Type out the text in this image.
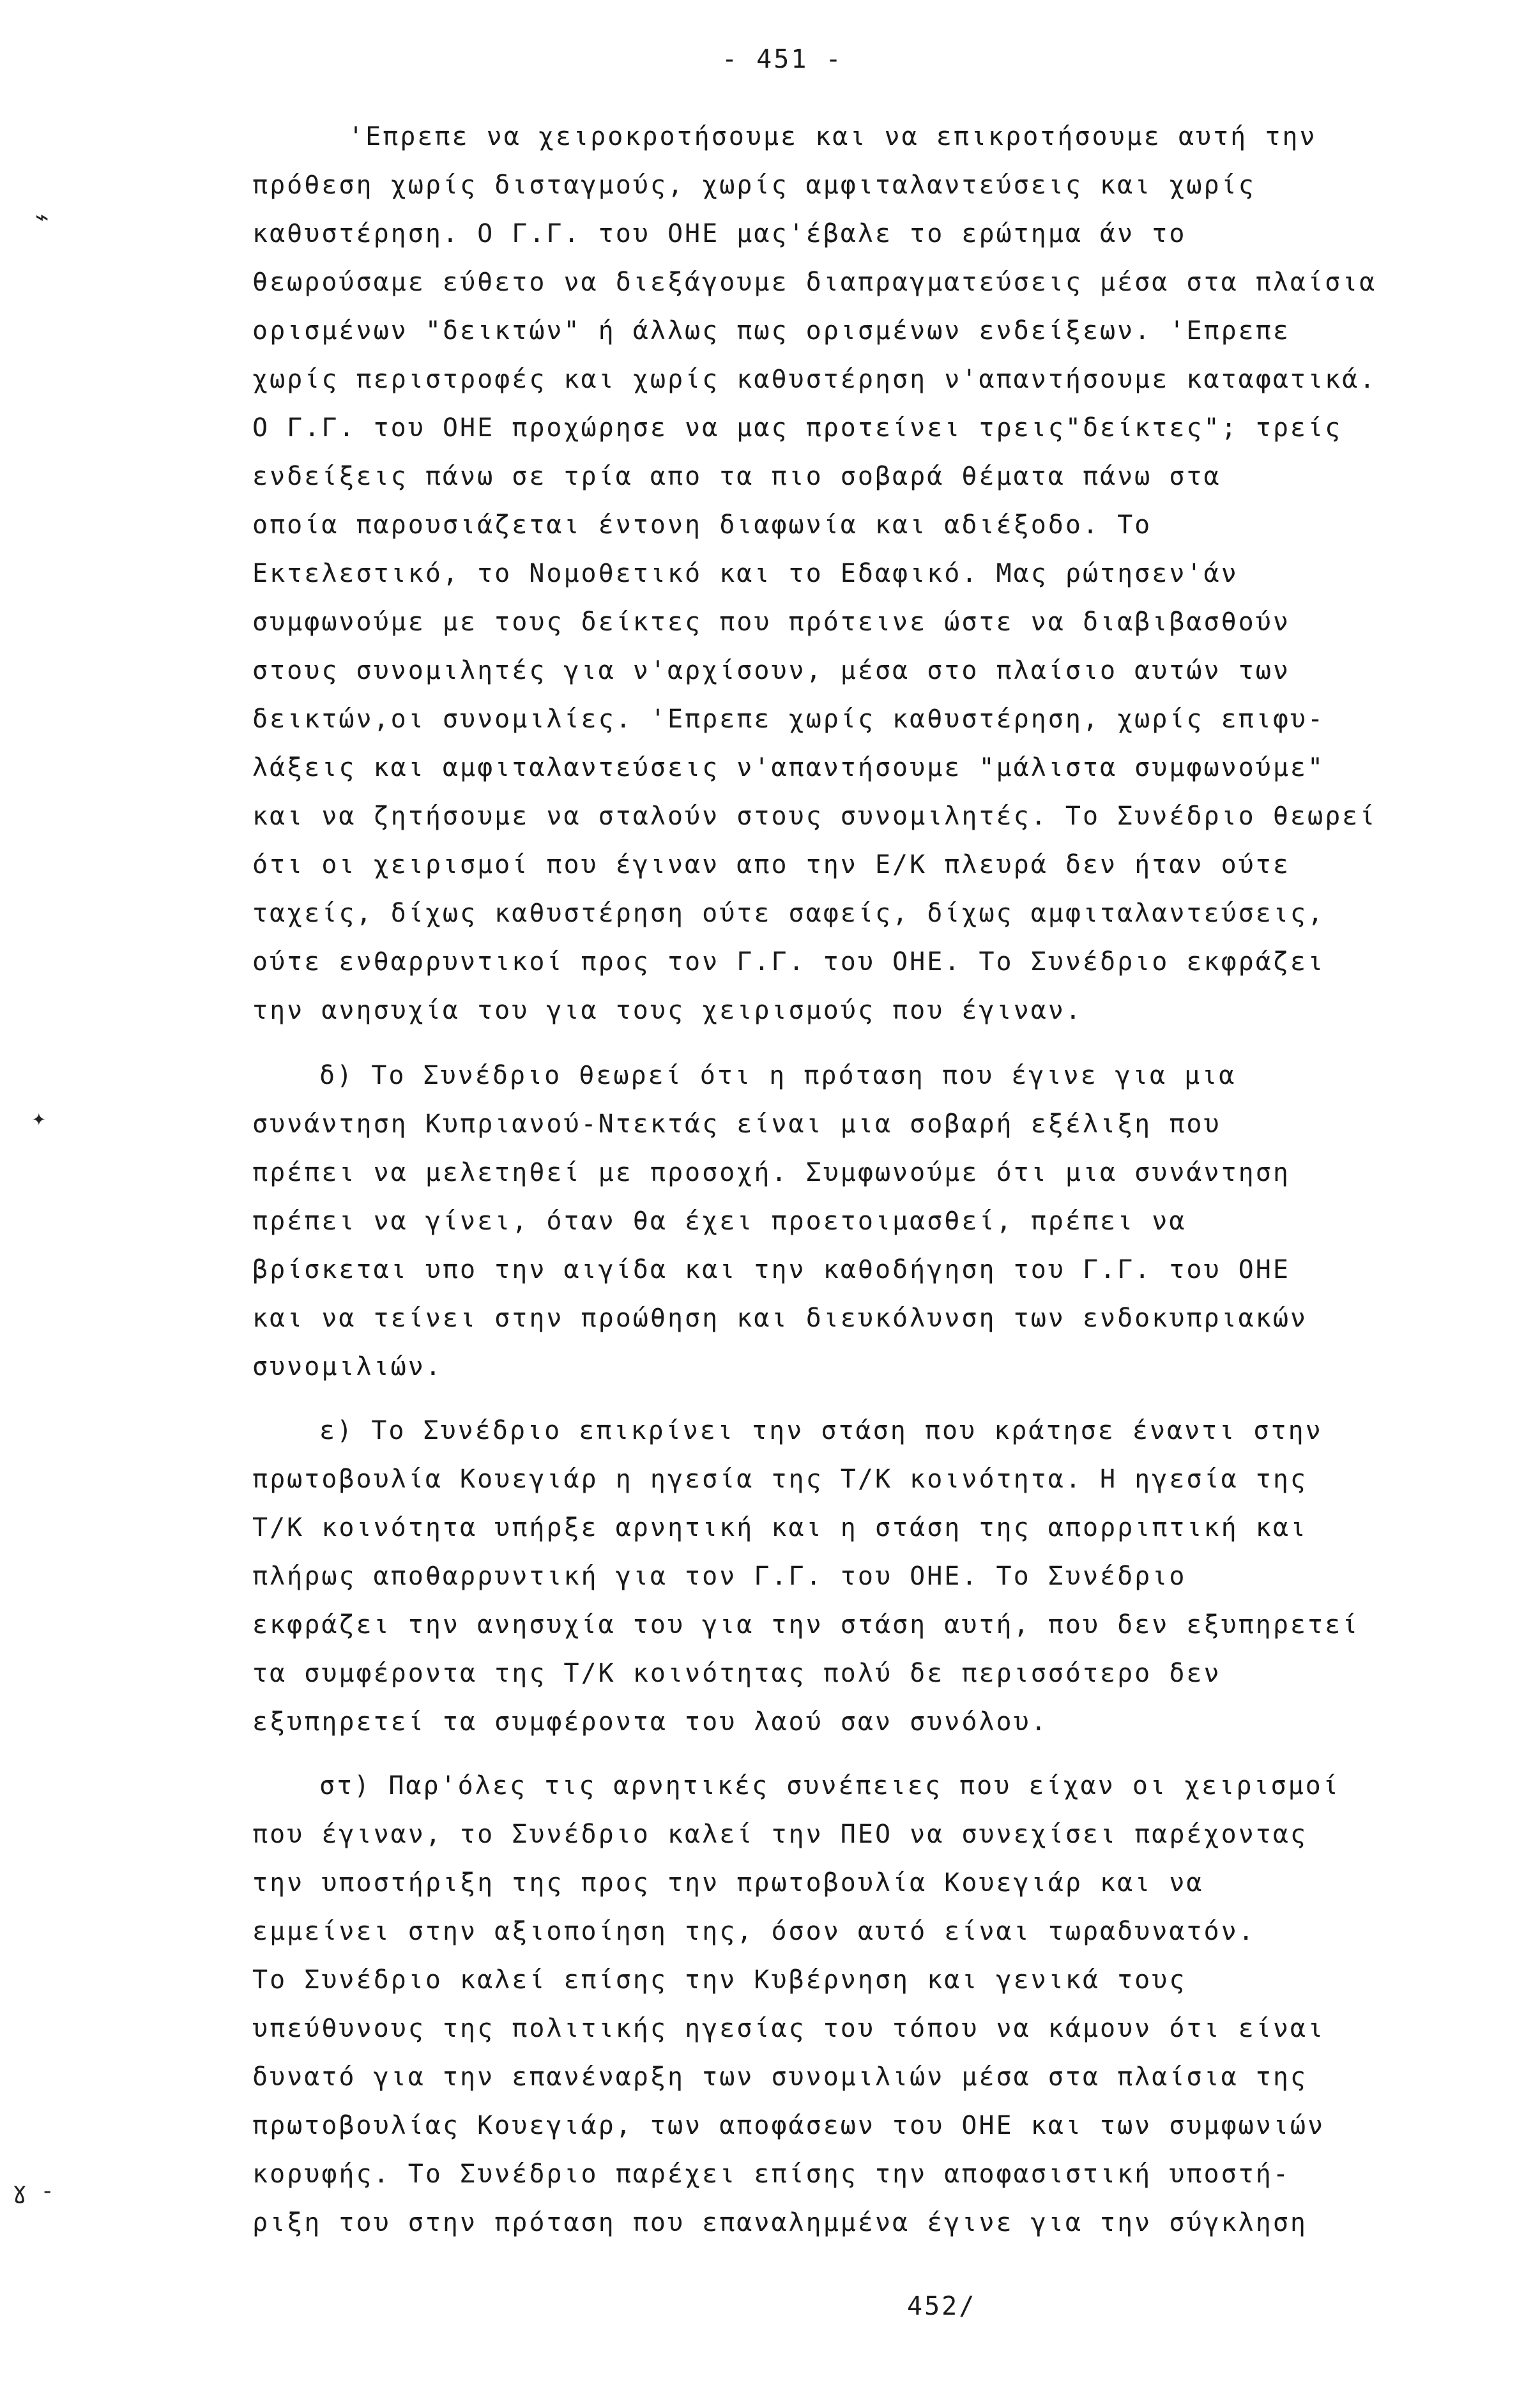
- 451 -
'Επρεπε να χειροκροτήσουμε και να επικροτήσουμε αυτή την
πρόθεση χωρίς δισταγμούς, χωρίς αμφιταλαντεύσεις και χωρίς
καθυστέρηση. Ο Γ.Γ. του ΟΗΕ μας'έβαλε το ερώτημα άν το
θεωρούσαμε εύθετο να διεξάγουμε διαπραγματεύσεις μέσα στα πλαίσια
ορισμένων "δεικτών" ή άλλως πως ορισμένων ενδείξεων. 'Επρεπε
χωρίς περιστροφές και χωρίς καθυστέρηση ν'απαντήσουμε καταφατικά.
Ο Γ.Γ. του ΟΗΕ προχώρησε να μας προτείνει τρεις"δείκτες"; τρείς
ενδείξεις πάνω σε τρία απο τα πιο σοβαρά θέματα πάνω στα
οποία παρουσιάζεται έντονη διαφωνία και αδιέξοδο. Το
Εκτελεστικό, το Νομοθετικό και το Εδαφικό. Μας ρώτησεν'άν
συμφωνούμε με τους δείκτες που πρότεινε ώστε να διαβιβασθούν
στους συνομιλητές για ν'αρχίσουν, μέσα στο πλαίσιο αυτών των
δεικτών,οι συνομιλίες. 'Επρεπε χωρίς καθυστέρηση, χωρίς επιφυ-
λάξεις και αμφιταλαντεύσεις ν'απαντήσουμε "μάλιστα συμφωνούμε"
και να ζητήσουμε να σταλούν στους συνομιλητές. Το Συνέδριο θεωρεί
ότι οι χειρισμοί που έγιναν απο την Ε/Κ πλευρά δεν ήταν ούτε
ταχείς, δίχως καθυστέρηση ούτε σαφείς, δίχως αμφιταλαντεύσεις,
ούτε ενθαρρυντικοί προς τον Γ.Γ. του ΟΗΕ. Το Συνέδριο εκφράζει
την ανησυχία του για τους χειρισμούς που έγιναν.
δ) Το Συνέδριο θεωρεί ότι η πρόταση που έγινε για μια
συνάντηση Κυπριανού-Ντεκτάς είναι μια σοβαρή εξέλιξη που
πρέπει να μελετηθεί με προσοχή. Συμφωνούμε ότι μια συνάντηση
πρέπει να γίνει, όταν θα έχει προετοιμασθεί, πρέπει να
βρίσκεται υπο την αιγίδα και την καθοδήγηση του Γ.Γ. του ΟΗΕ
και να τείνει στην προώθηση και διευκόλυνση των ενδοκυπριακών
συνομιλιών.
ε) Το Συνέδριο επικρίνει την στάση που κράτησε έναντι στην
πρωτοβουλία Κουεγιάρ η ηγεσία της Τ/Κ κοινότητα. Η ηγεσία της
Τ/Κ κοινότητα υπήρξε αρνητική και η στάση της απορριπτική και
πλήρως αποθαρρυντική για τον Γ.Γ. του ΟΗΕ. Το Συνέδριο
εκφράζει την ανησυχία του για την στάση αυτή, που δεν εξυπηρετεί
τα συμφέροντα της Τ/Κ κοινότητας πολύ δε περισσότερο δεν
εξυπηρετεί τα συμφέροντα του λαού σαν συνόλου.
στ) Παρ'όλες τις αρνητικές συνέπειες που είχαν οι χειρισμοί
που έγιναν, το Συνέδριο καλεί την ΠΕΟ να συνεχίσει παρέχοντας
την υποστήριξη της προς την πρωτοβουλία Κουεγιάρ και να
εμμείνει στην αξιοποίηση της, όσον αυτό είναι τωραδυνατόν.
Το Συνέδριο καλεί επίσης την Κυβέρνηση και γενικά τους
υπεύθυνους της πολιτικής ηγεσίας του τόπου να κάμουν ότι είναι
δυνατό για την επανέναρξη των συνομιλιών μέσα στα πλαίσια της
πρωτοβουλίας Κουεγιάρ, των αποφάσεων του ΟΗΕ και των συμφωνιών
κορυφής. Το Συνέδριο παρέχει επίσης την αποφασιστική υποστή-
ριξη του στην πρόταση που επαναλημμένα έγινε για την σύγκληση
452/
⌁
✦
ɣ -
